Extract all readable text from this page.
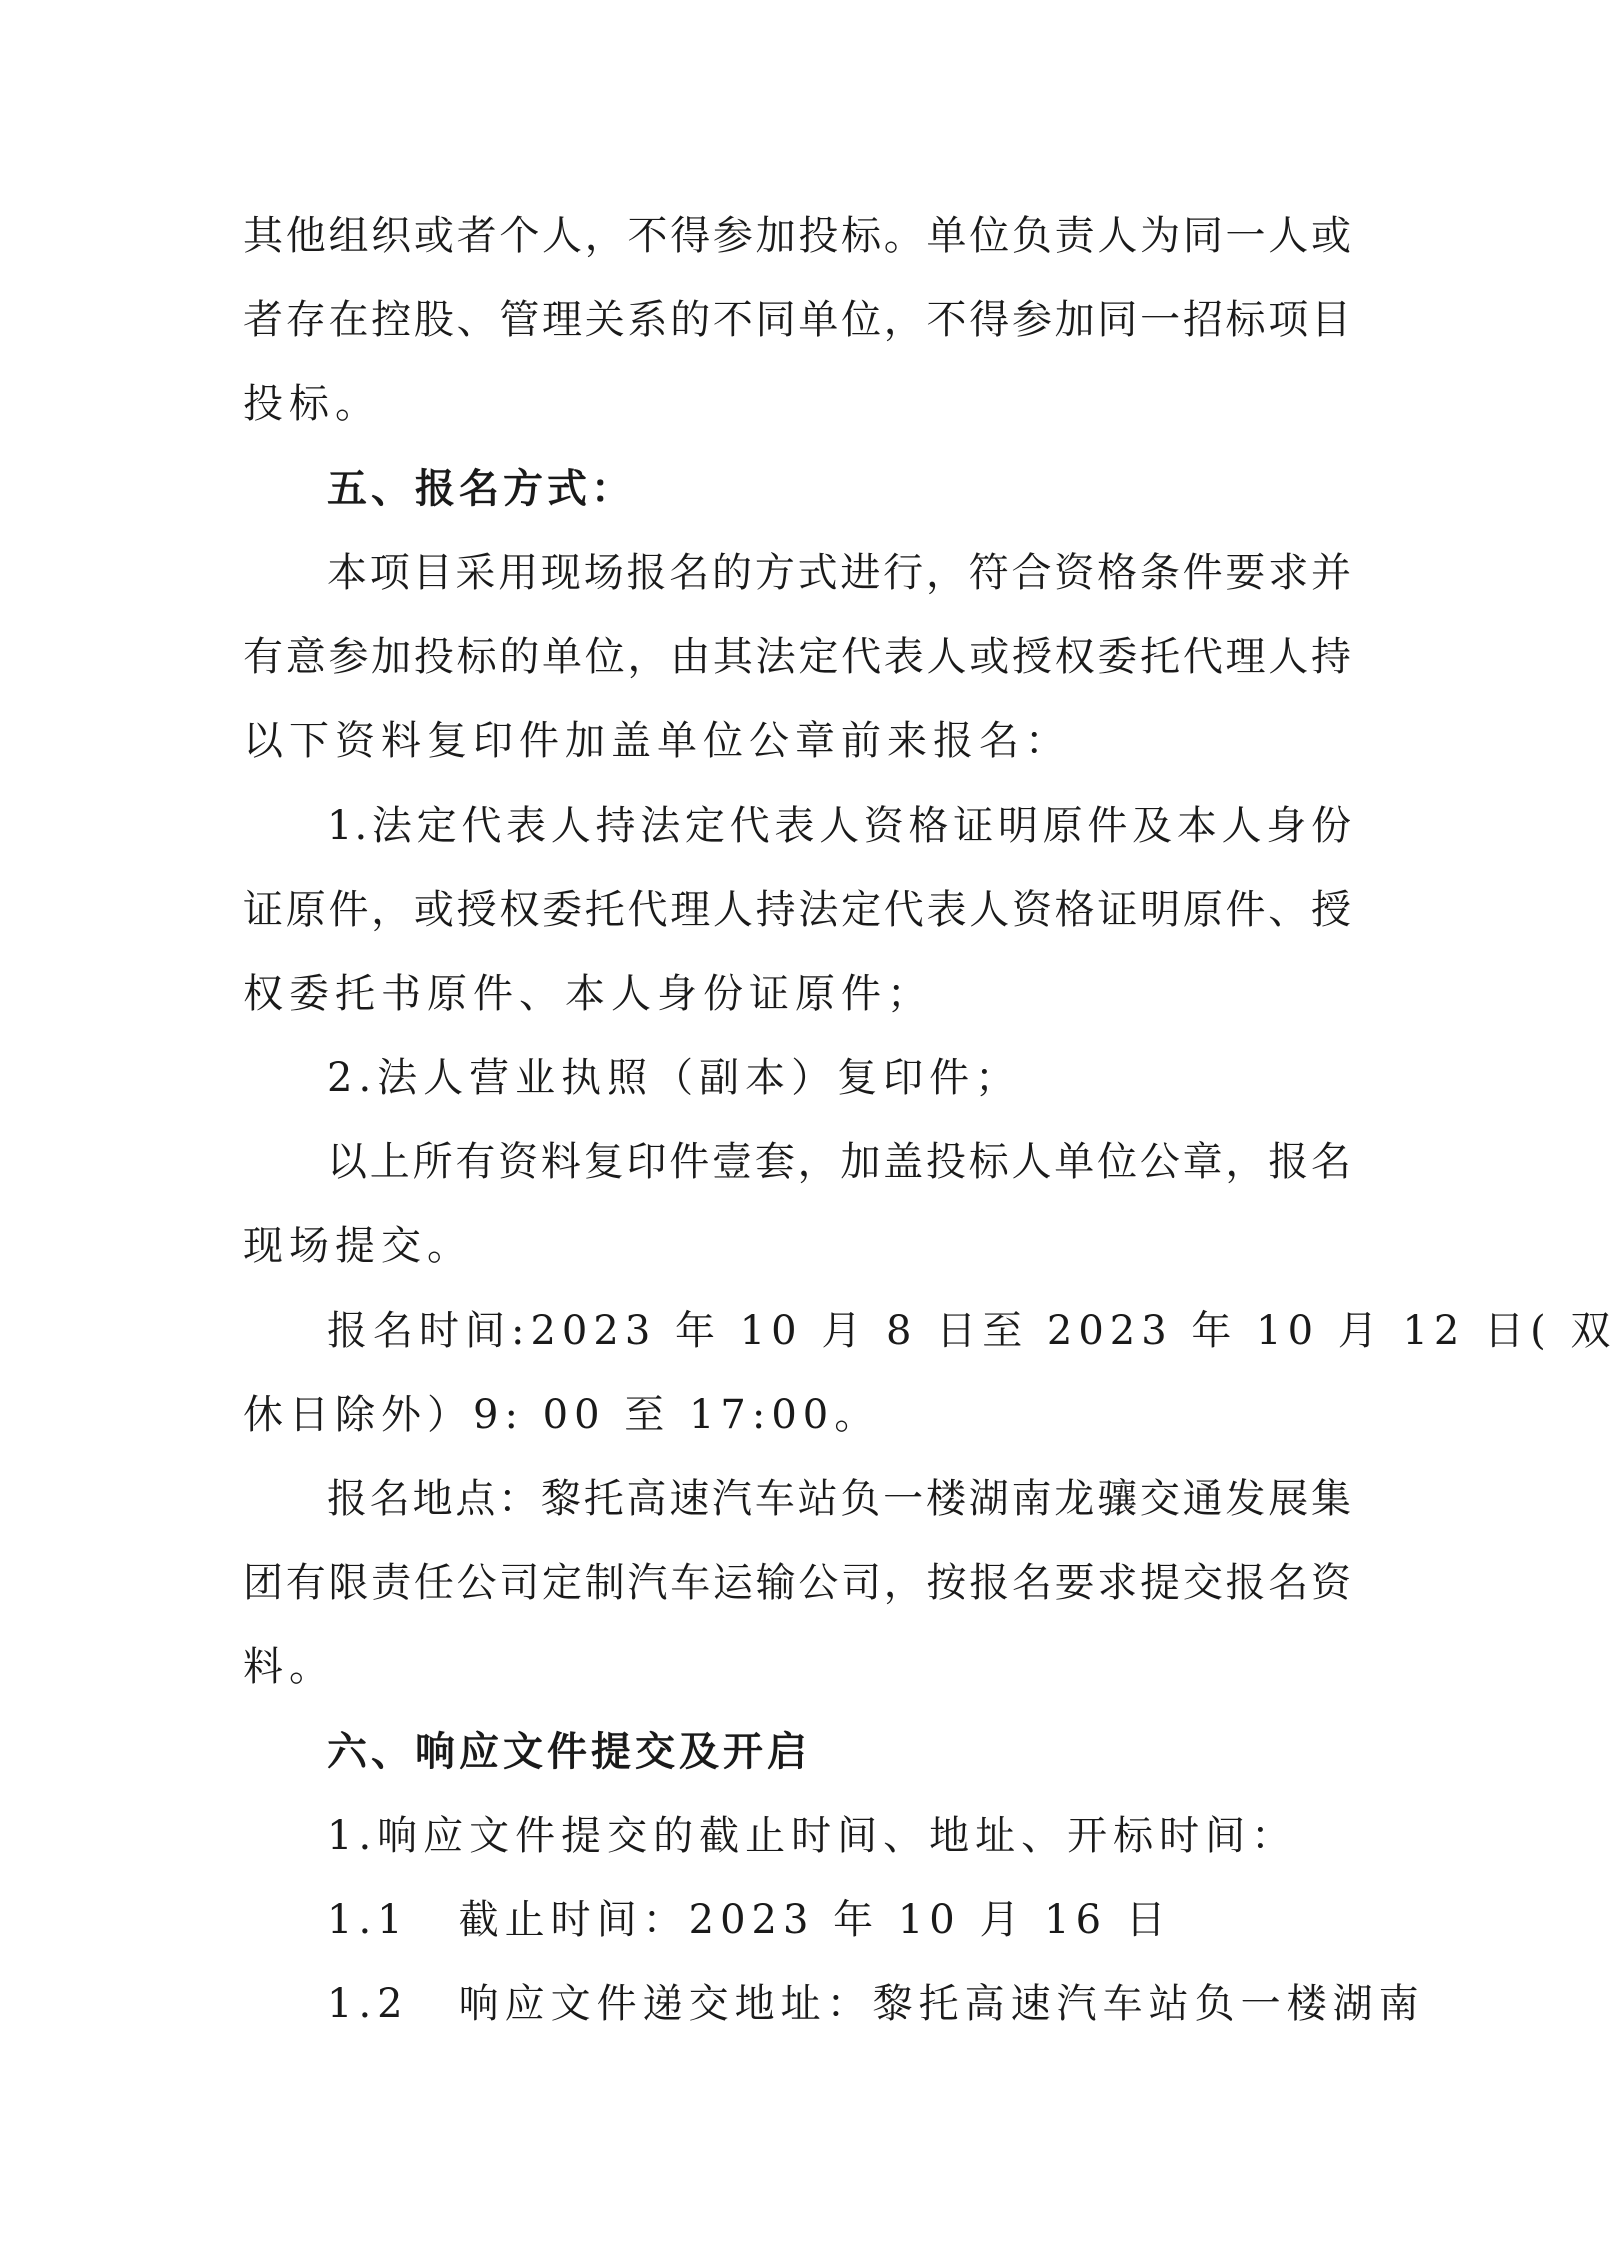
其他组织或者个人，不得参加投标。单位负责人为同一人或
者存在控股、管理关系的不同单位，不得参加同一招标项目
投标。
五、报名方式：
本项目采用现场报名的方式进行，符合资格条件要求并
有意参加投标的单位，由其法定代表人或授权委托代理人持
以下资料复印件加盖单位公章前来报名：
1.法定代表人持法定代表人资格证明原件及本人身份
证原件，或授权委托代理人持法定代表人资格证明原件、授
权委托书原件、本人身份证原件；
2.法人营业执照（副本）复印件；
以上所有资料复印件壹套，加盖投标人单位公章，报名
现场提交。
报名时间:2023 年 10 月 8 日至 2023 年 10 月 12 日( 双
休日除外）9: 00 至 17:00。
报名地点：黎托高速汽车站负一楼湖南龙骧交通发展集
团有限责任公司定制汽车运输公司，按报名要求提交报名资
料。
六、响应文件提交及开启
1.响应文件提交的截止时间、地址、开标时间：
1.1 截止时间：2023 年 10 月 16 日
1.2 响应文件递交地址：黎托高速汽车站负一楼湖南
